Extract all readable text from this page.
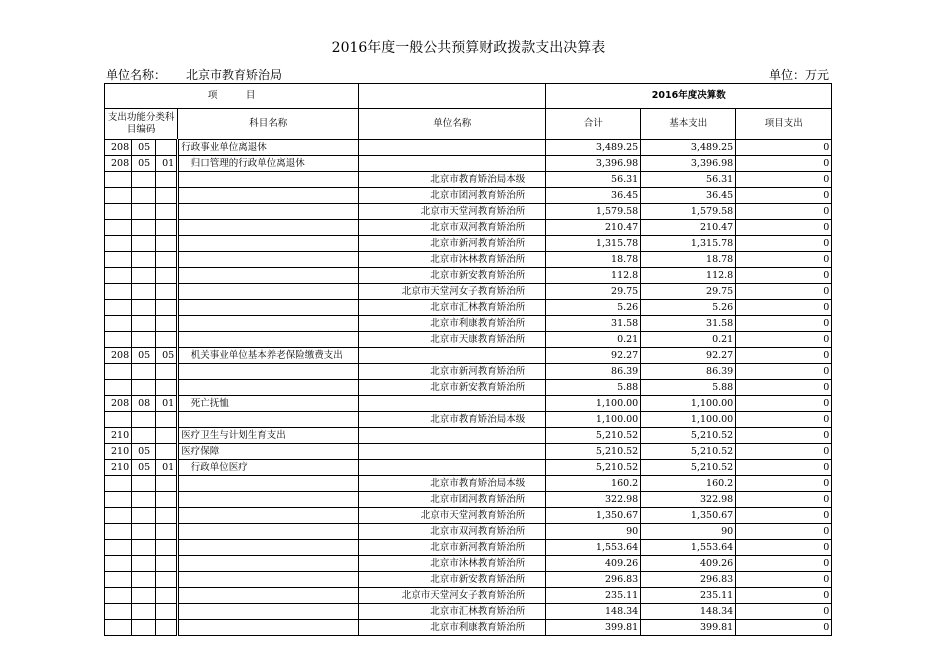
2016年度一般公共预算财政拨款支出决算表
单位名称： 北京市教育矫治局	单位：万元
项　　　目					2016年度决算数		
支出功能分类科目编码			科目名称	单位名称	合计	基本支出	项目支出
208	05		行政事业单位离退休		3,489.25	3,489.25	0
208	05	01	　归口管理的行政单位离退休		3,396.98	3,396.98	0
				北京市教育矫治局本级	56.31	56.31	0
				北京市团河教育矫治所	36.45	36.45	0
				北京市天堂河教育矫治所	1,579.58	1,579.58	0
				北京市双河教育矫治所	210.47	210.47	0
				北京市新河教育矫治所	1,315.78	1,315.78	0
				北京市沐林教育矫治所	18.78	18.78	0
				北京市新安教育矫治所	112.8	112.8	0
				北京市天堂河女子教育矫治所	29.75	29.75	0
				北京市汇林教育矫治所	5.26	5.26	0
				北京市利康教育矫治所	31.58	31.58	0
				北京市天康教育矫治所	0.21	0.21	0
208	05	05	　机关事业单位基本养老保险缴费支出		92.27	92.27	0
				北京市新河教育矫治所	86.39	86.39	0
				北京市新安教育矫治所	5.88	5.88	0
208	08	01	　死亡抚恤		1,100.00	1,100.00	0
				北京市教育矫治局本级	1,100.00	1,100.00	0
210			医疗卫生与计划生育支出		5,210.52	5,210.52	0
210	05		医疗保障		5,210.52	5,210.52	0
210	05	01	　行政单位医疗		5,210.52	5,210.52	0
				北京市教育矫治局本级	160.2	160.2	0
				北京市团河教育矫治所	322.98	322.98	0
				北京市天堂河教育矫治所	1,350.67	1,350.67	0
				北京市双河教育矫治所	90	90	0
				北京市新河教育矫治所	1,553.64	1,553.64	0
				北京市沐林教育矫治所	409.26	409.26	0
				北京市新安教育矫治所	296.83	296.83	0
				北京市天堂河女子教育矫治所	235.11	235.11	0
				北京市汇林教育矫治所	148.34	148.34	0
				北京市利康教育矫治所	399.81	399.81	0
